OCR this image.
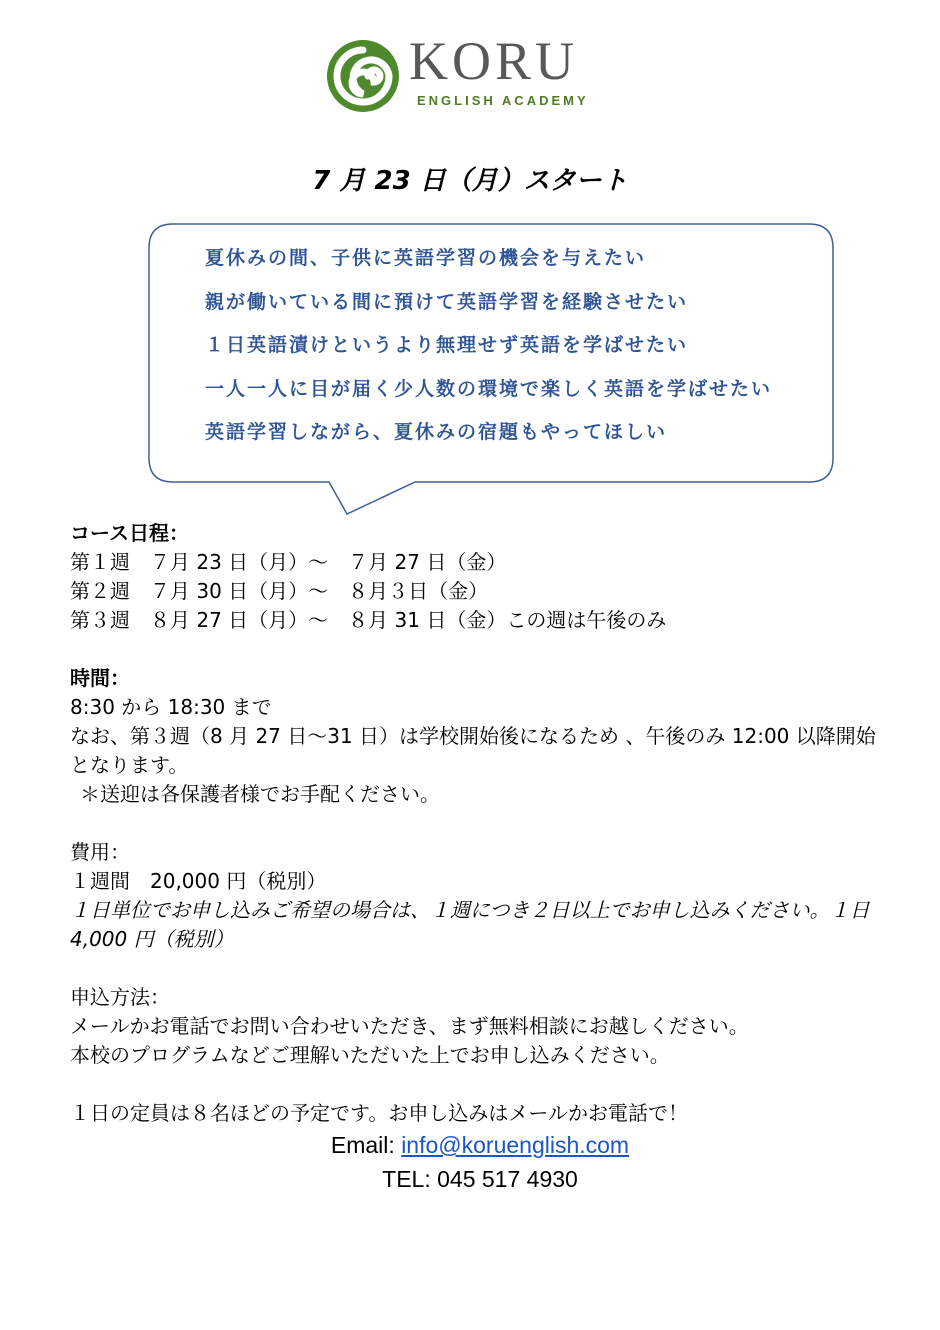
KORU
ENGLISH ACADEMY
7 月 23 日（月）スタート
夏休みの間、子供に英語学習の機会を与えたい
親が働いている間に預けて英語学習を経験させたい
１日英語漬けというより無理せず英語を学ばせたい
一人一人に目が届く少人数の環境で楽しく英語を学ばせたい
英語学習しながら、夏休みの宿題もやってほしい
コース日程：
第１週　７月 23 日（月）～　７月 27 日（金）
第２週　７月 30 日（月）～　８月３日（金）
第３週　８月 27 日（月）～　８月 31 日（金）この週は午後のみ
時間：
8:30 から 18:30 まで
なお、第３週（8 月 27 日～31 日）は学校開始後になるため 、午後のみ 12:00 以降開始となります。
＊送迎は各保護者様でお手配ください。
費用：
１週間　20,000 円（税別）
１日単位でお申し込みご希望の場合は、１週につき２日以上でお申し込みください。１日　 4,000 円（税別）
申込方法：
メールかお電話でお問い合わせいただき、まず無料相談にお越しください。
本校のプログラムなどご理解いただいた上でお申し込みください。
１日の定員は８名ほどの予定です。お申し込みはメールかお電話で！
Email: info@koruenglish.com
TEL: 045 517 4930
